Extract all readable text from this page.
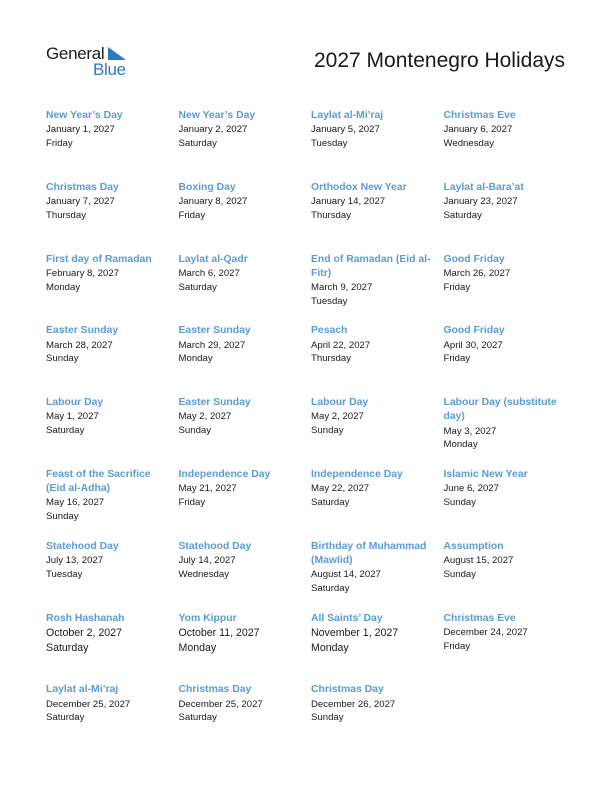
General
Blue	2027 Montenegro Holidays
New Year’s Day
January 1, 2027
Friday
New Year’s Day
January 2, 2027
Saturday
Laylat al-Mi’raj
January 5, 2027
Tuesday
Christmas Eve
January 6, 2027
Wednesday
Christmas Day
January 7, 2027
Thursday
Boxing Day
January 8, 2027
Friday
Orthodox New Year
January 14, 2027
Thursday
Laylat al-Bara’at
January 23, 2027
Saturday
First day of Ramadan
February 8, 2027
Monday
Laylat al-Qadr
March 6, 2027
Saturday
End of Ramadan (Eid al-Fitr)
March 9, 2027
Tuesday
Good Friday
March 26, 2027
Friday
Easter Sunday
March 28, 2027
Sunday
Easter Sunday
March 29, 2027
Monday
Pesach
April 22, 2027
Thursday
Good Friday
April 30, 2027
Friday
Labour Day
May 1, 2027
Saturday
Easter Sunday
May 2, 2027
Sunday
Labour Day
May 2, 2027
Sunday
Labour Day (substitute day)
May 3, 2027
Monday
Feast of the Sacrifice (Eid al-Adha)
May 16, 2027
Sunday
Independence Day
May 21, 2027
Friday
Independence Day
May 22, 2027
Saturday
Islamic New Year
June 6, 2027
Sunday
Statehood Day
July 13, 2027
Tuesday
Statehood Day
July 14, 2027
Wednesday
Birthday of Muhammad (Mawlid)
August 14, 2027
Saturday
Assumption
August 15, 2027
Sunday
Rosh Hashanah
October 2, 2027
Saturday
Yom Kippur
October 11, 2027
Monday
All Saints’ Day
November 1, 2027
Monday
Christmas Eve
December 24, 2027
Friday
Laylat al-Mi’raj
December 25, 2027
Saturday
Christmas Day
December 25, 2027
Saturday
Christmas Day
December 26, 2027
Sunday
